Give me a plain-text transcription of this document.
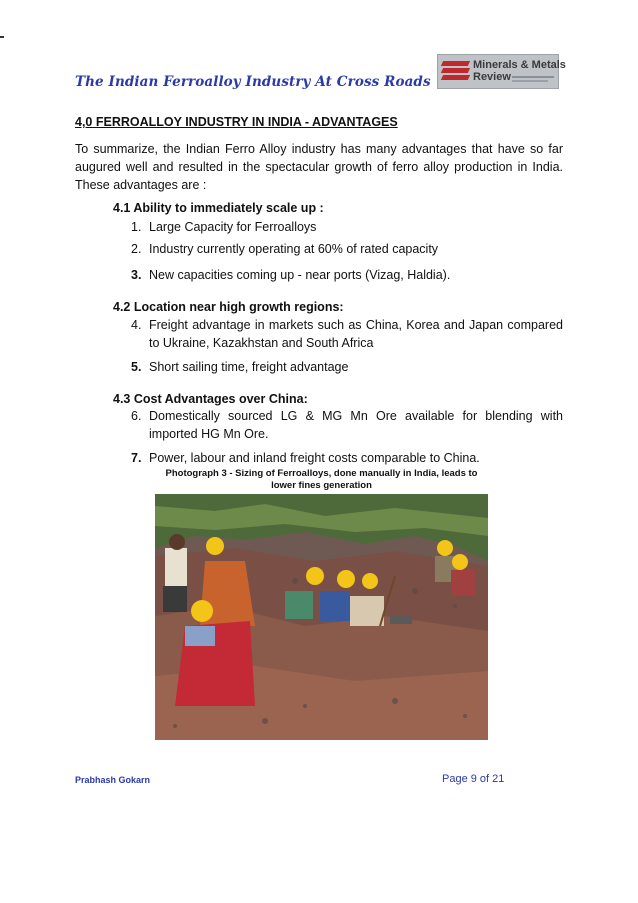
The Indian Ferroalloy Industry At Cross Roads
Minerals & Metals
Review
4,0 FERROALLOY INDUSTRY IN INDIA - ADVANTAGES
To summarize, the Indian Ferro Alloy industry has many advantages that have so far augured well and resulted in the spectacular growth of ferro alloy production in India. These advantages are :
4.1 Ability to immediately scale up :
1. Large Capacity for Ferroalloys
2. Industry currently operating at 60% of rated capacity
3. New capacities coming up - near ports (Vizag, Haldia).
4.2 Location near high growth regions:
4. Freight advantage in markets such as China, Korea and Japan compared to Ukraine, Kazakhstan and South Africa
5. Short sailing time, freight advantage
4.3 Cost Advantages over China:
6. Domestically sourced LG & MG Mn Ore available for blending with imported HG Mn Ore.
7. Power, labour and inland freight costs comparable to China.
Photograph 3 - Sizing of Ferroalloys, done manually in India, leads to lower fines generation
Prabhash Gokarn	Page 9 of 21
